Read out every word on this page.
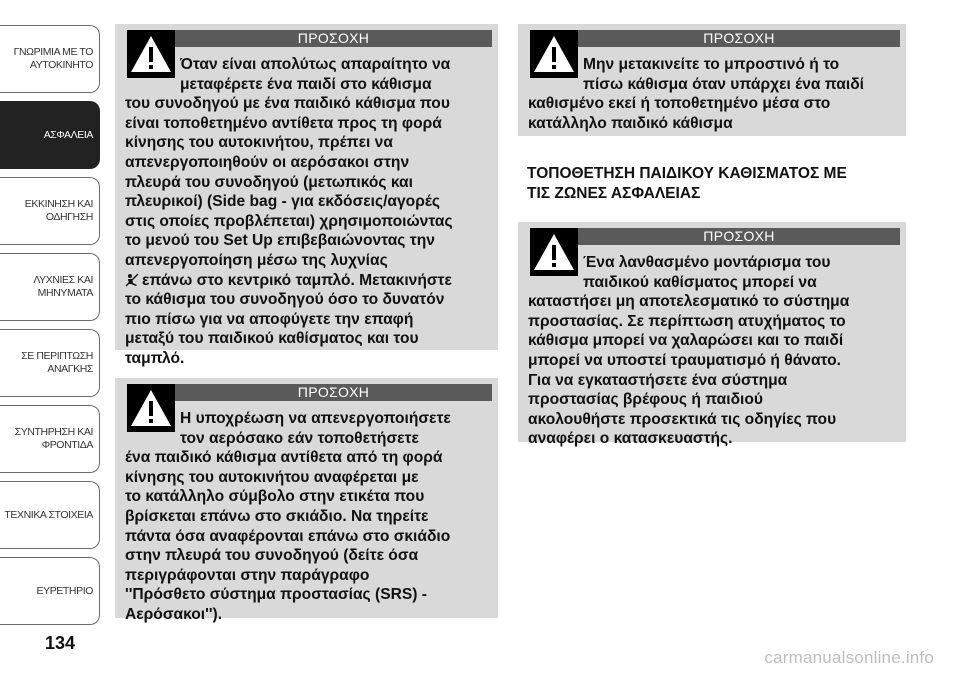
ΓΝΩΡΙΜΙΑ ΜΕ ΤΟ
ΑΥΤΟΚΙΝΗΤΟ
ΑΣΦΑΛΕΙΑ
ΕΚΚΙΝΗΣΗ ΚΑΙ
ΟΔΗΓΗΣΗ
ΛΥΧΝΙΕΣ ΚΑΙ
ΜΗΝΥΜΑΤΑ
ΣΕ ΠΕΡΙΠΤΩΣΗ
ΑΝΑΓΚΗΣ
ΣΥΝΤΗΡΗΣΗ ΚΑΙ
ΦΡΟΝΤΙΔΑ
ΤΕΧΝΙΚΑ ΣΤΟΙΧΕΙΑ
ΕΥΡΕΤΗΡΙΟ
134
ΠΡΟΣΟΧΗ

Όταν είναι απολύτως απαραίτητο να

μεταφέρετε ένα παιδί στο κάθισμα

του συνοδηγού με ένα παιδικό κάθισμα που

είναι τοποθετημένο αντίθετα προς τη φορά

κίνησης του αυτοκινήτου, πρέπει να

απενεργοποιηθούν οι αερόσακοι στην

πλευρά του συνοδηγού (μετωπικός και

πλευρικοί) (Side bag - για εκδόσεις/αγορές

στις οποίες προβλέπεται) χρησιμοποιώντας

το μενού του Set Up επιβεβαιώνοντας την

απενεργοποίηση μέσω της λυχνίας

επάνω στο κεντρικό ταμπλό. Μετακινήστε

το κάθισμα του συνοδηγού όσο το δυνατόν

πιο πίσω για να αποφύγετε την επαφή

μεταξύ του παιδικού καθίσματος και του

ταμπλό.

ΠΡΟΣΟΧΗ

Η υποχρέωση να απενεργοποιήσετε

τον αερόσακο εάν τοποθετήσετε

ένα παιδικό κάθισμα αντίθετα από τη φορά

κίνησης του αυτοκινήτου αναφέρεται με

το κατάλληλο σύμβολο στην ετικέτα που

βρίσκεται επάνω στο σκιάδιο. Να τηρείτε

πάντα όσα αναφέρονται επάνω στο σκιάδιο

στην πλευρά του συνοδηγού (δείτε όσα

περιγράφονται στην παράγραφο

''Πρόσθετο σύστημα προστασίας (SRS) -

Αερόσακοι'').

ΠΡΟΣΟΧΗ

Μην μετακινείτε το μπροστινό ή το

πίσω κάθισμα όταν υπάρχει ένα παιδί

καθισμένο εκεί ή τοποθετημένο μέσα στο

κατάλληλο παιδικό κάθισμα

ΤΟΠΟΘΕΤΗΣΗ ΠΑΙΔΙΚΟΥ ΚΑΘΙΣΜΑΤΟΣ ΜΕ
ΤΙΣ ΖΩΝΕΣ ΑΣΦΑΛΕΙΑΣ
ΠΡΟΣΟΧΗ

Ένα λανθασμένο μοντάρισμα του

παιδικού καθίσματος μπορεί να

καταστήσει μη αποτελεσματικό το σύστημα

προστασίας. Σε περίπτωση ατυχήματος το

κάθισμα μπορεί να χαλαρώσει και το παιδί

μπορεί να υποστεί τραυματισμό ή θάνατο.

Για να εγκαταστήσετε ένα σύστημα

προστασίας βρέφους ή παιδιού

ακολουθήστε προσεκτικά τις οδηγίες που

αναφέρει ο κατασκευαστής.

carmanualsonline.info
